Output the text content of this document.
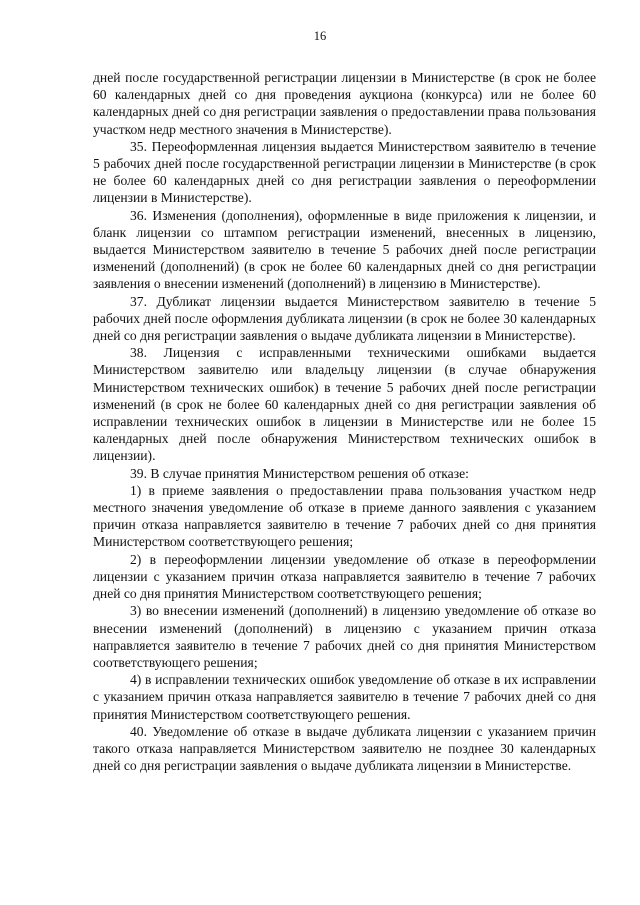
16

дней после государственной регистрации лицензии в Министерстве (в срок не более 60 календарных дней со дня проведения аукциона (конкурса) или не более 60 календарных дней со дня регистрации заявления о предоставлении права пользования участком недр местного значения в Министерстве).

35. Переоформленная лицензия выдается Министерством заявителю в течение 5 рабочих дней после государственной регистрации лицензии в Министерстве (в срок не более 60 календарных дней со дня регистрации заявления о переоформлении лицензии в Министерстве).

36. Изменения (дополнения), оформленные в виде приложения к лицензии, и бланк лицензии со штампом регистрации изменений, внесенных в лицензию, выдается Министерством заявителю в течение 5 рабочих дней после регистрации изменений (дополнений) (в срок не более 60 календарных дней со дня регистрации заявления о внесении изменений (дополнений) в лицензию в Министерстве).

37. Дубликат лицензии выдается Министерством заявителю в течение 5 рабочих дней после оформления дубликата лицензии (в срок не более 30 календарных дней со дня регистрации заявления о выдаче дубликата лицензии в Министерстве).

38. Лицензия с исправленными техническими ошибками выдается Министерством заявителю или владельцу лицензии (в случае обнаружения Министерством технических ошибок) в течение 5 рабочих дней после регистрации изменений (в срок не более 60 календарных дней со дня регистрации заявления об исправлении технических ошибок в лицензии в Министерстве или не более 15 календарных дней после обнаружения Министерством технических ошибок в лицензии).

39. В случае принятия Министерством решения об отказе:

1) в приеме заявления о предоставлении права пользования участком недр местного значения уведомление об отказе в приеме данного заявления с указанием причин отказа направляется заявителю в течение 7 рабочих дней со дня принятия Министерством соответствующего решения;

2) в переоформлении лицензии уведомление об отказе в переоформлении лицензии с указанием причин отказа направляется заявителю в течение 7 рабочих дней со дня принятия Министерством соответствующего решения;

3) во внесении изменений (дополнений) в лицензию уведомление об отказе во внесении изменений (дополнений) в лицензию с указанием причин отказа направляется заявителю в течение 7 рабочих дней со дня принятия Министерством соответствующего решения;

4) в исправлении технических ошибок уведомление об отказе в их исправлении с указанием причин отказа направляется заявителю в течение 7 рабочих дней со дня принятия Министерством соответствующего решения.

40. Уведомление об отказе в выдаче дубликата лицензии с указанием причин такого отказа направляется Министерством заявителю не позднее 30 календарных дней со дня регистрации заявления о выдаче дубликата лицензии в Министерстве.
